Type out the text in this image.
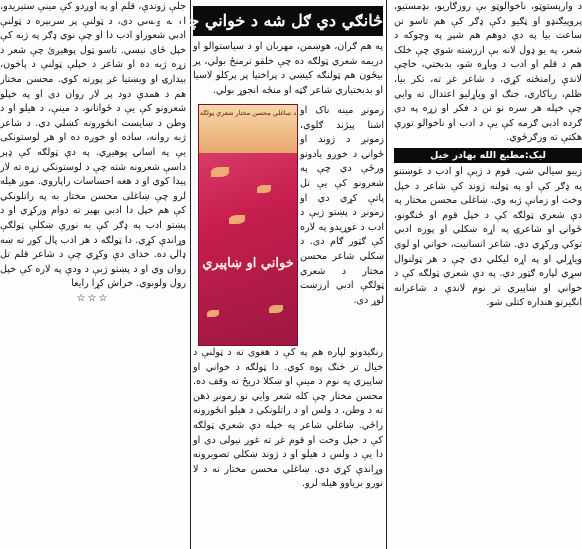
جلې ژوندې، قلم او په اوږدو کې مینې ستیریدو، او په ولسي دی، د ټولنې پر سربېره د ټولنې ادبي شعوراو ادب دا او چې نوي ډګر په ژبه کې خپل ځای نیسي. تاسو ټول پوهیږئ چې شعر د زړه ژبه ده او شاعر د خپلې ټولنې د پاڅون، بیدارۍ او ویښتیا غږ پورته کوي. محسن مختار هم د همدې دود پر لار روان دی او په خپلو شعرونو کې یې د ځوانانو، د مینې، د هیلو او د وطن د ښایست انځورونه کښلي دي. د شاعر ژبه روانه، ساده او خوږه ده او هر لوستونکی یې په اسانۍ پوهیږي. په دې ټولګه کې ډېر داسې شعرونه شته چې د لوستونکي زړه ته لار پیدا کوي او د هغه احساسات راپاروي. موږ هیله لرو چې ښاغلی محسن مختار به په راتلونکي کې هم خپل دا ادبي بهیر ته دوام ورکړي او د پښتو ادب په ډګر کې به نورې ښکلې ټولګې وړاندې کړي. دا ټولګه د هر ادب پال کور ته ښه ډالۍ ده. خدای دې وکړي چې د شاعر قلم تل روان وي او د پښتو ژبې د ودې په لاره کې خپل رول ولوبوي. خراش کړا رایعا

☆☆☆
څانګي دي ګل شه د خواني چیناره!!
په هم ګران، هوښمن، مهربان او د سیاستوالو او دریمه شعري ټولګه ده چې خلقو ترمنځ بولي، پر بیځون هم ټولنګه کیښي د پراختیا پر پرکلو لاسیا او بدبختیاري شاعر ګټه او منځه انجوړ بولي.
د ښاغلي محسن مختار شعري ټولګه
خواني او ښاپيري
زمونږ مینه ناک او اشنا پیژند ګلوي، زمونږ د ژوند او ځوانۍ د خوږو یادونو ورځې دي چې په شعرونو کې یې تل پاتې کړي دي او زمونږ د پښتو ژبې د ادب د غوړیدو په لاره کې ګټور ګام دی. د ښکلي شاعر محسن مختار د شعري ټولګې ادبي ارزښت لوړ دی.
رنګیدونو لپاره هم په کې د هغوی ته د ټولنې د خیال تر څنګ پوه کوي. دا ټولګه د خواني او ښاپيري په نوم د مینې او ښکلا دریځ ته وقف ده. محسن مختار چې کله شعر وايي نو زمونږ ذهن ته د وطن، د ولس او د راتلونکي د هیلو انځورونه راځي. ښاغلي شاعر په خپله دې شعري ټولګه کې د خپل وخت او قوم غږ ته غوږ نیولی دی او دا یې د ولس د هیلو او د ژوند ښکلي تصویرونه وړاندې کړي دي. ښاغلي محسن مختار ته د لا نورو بریاوو هیله لرو.

د وارېستوټو، ناخوالوټو بې روزګاريو، بډمستیو، پروپیګنډو او ټګیو دکې ډګر کې هم تاسو نن ساعت بیا په دې دوهم هم شپږ په وچوکه د شعر، په یو ډول لانه بې ارزښته شوي چې خلک هم د قلم او ادب د ویاړه شو، بدبختي، خاچې لاندې رامنځته کړي، د شاعر غږ ته، تکر بیا، ظلم، ریاکاري، جنګ او ویاړلیو اعتدال ته وایي چې خپله هر سره نو نن د فکر او زړه په دی ګرده ادبي ګرمه کې یې د ادب او ناخوالو تورې هکتې ته ورګرځوي.

لیک:مطیع الله بهادر خیل

زیبو سیالي شي. قوم د ژبې او ادب د غوښتنو په ډګر کې او په ټولنه ژوند کې شاعر د خپل وخت او زمانې ژبه وي. ښاغلی محسن مختار په دې شعري ټولګه کې د خپل قوم او ځنګونو، ځوانۍ او شاعرۍ په اړه ښکلي او پوره ادبي توکي ورکړي دي. شاعر انسانیت، خواني او لوی ویاړلي او په اړه لیکلي دي چې د هر ټولنوال سړي لپاره ګټور دي. په دې شعري ټولګه کې د خواني او ښاپيري تر نوم لاندې د شاعرانه انګیرنو هنداره کتلی شو.
